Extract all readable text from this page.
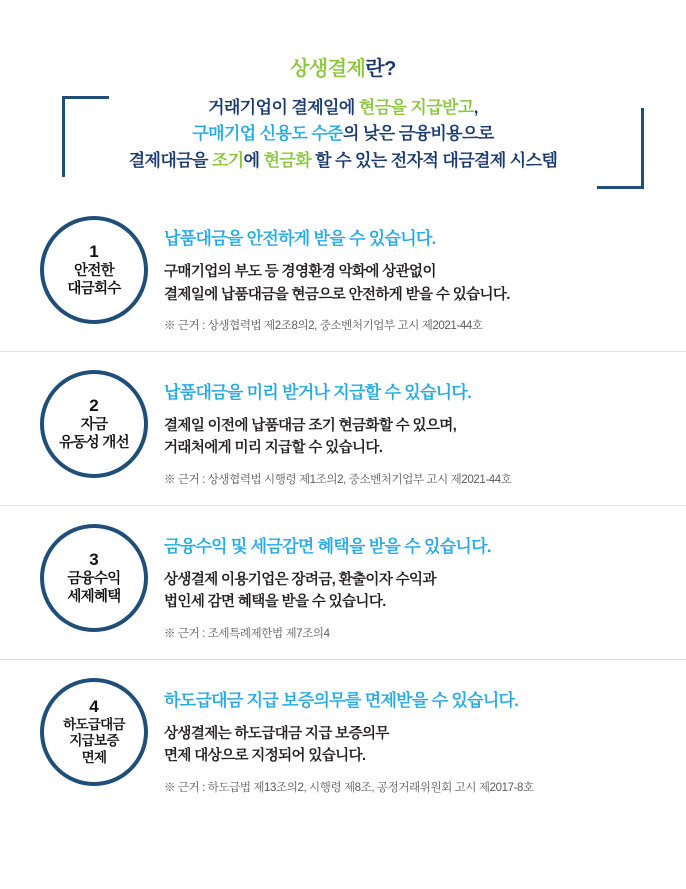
상생결제란?
거래기업이 결제일에 현금을 지급받고,
구매기업 신용도 수준의 낮은 금융비용으로
결제대금을 조기에 현금화 할 수 있는 전자적 대금결제 시스템
1
안전한
대금회수
납품대금을 안전하게 받을 수 있습니다.
구매기업의 부도 등 경영환경 악화에 상관없이
결제일에 납품대금을 현금으로 안전하게 받을 수 있습니다.
※ 근거 : 상생협력법 제2조8의2, 중소벤처기업부 고시 제2021-44호
2
자금
유동성 개선
납품대금을 미리 받거나 지급할 수 있습니다.
결제일 이전에 납품대금 조기 현금화할 수 있으며,
거래처에게 미리 지급할 수 있습니다.
※ 근거 : 상생협력법 시행령 제1조의2, 중소벤처기업부 고시 제2021-44호
3
금융수익
세제혜택
금융수익 및 세금감면 혜택을 받을 수 있습니다.
상생결제 이용기업은 장려금, 환출이자 수익과
법인세 감면 혜택을 받을 수 있습니다.
※ 근거 : 조세특례제한법 제7조의4
4
하도급대금
지급보증
면제
하도급대금 지급 보증의무를 면제받을 수 있습니다.
상생결제는 하도급대금 지급 보증의무
면제 대상으로 지정되어 있습니다.
※ 근거 : 하도급법 제13조의2, 시행령 제8조, 공정거래위원회 고시 제2017-8호
